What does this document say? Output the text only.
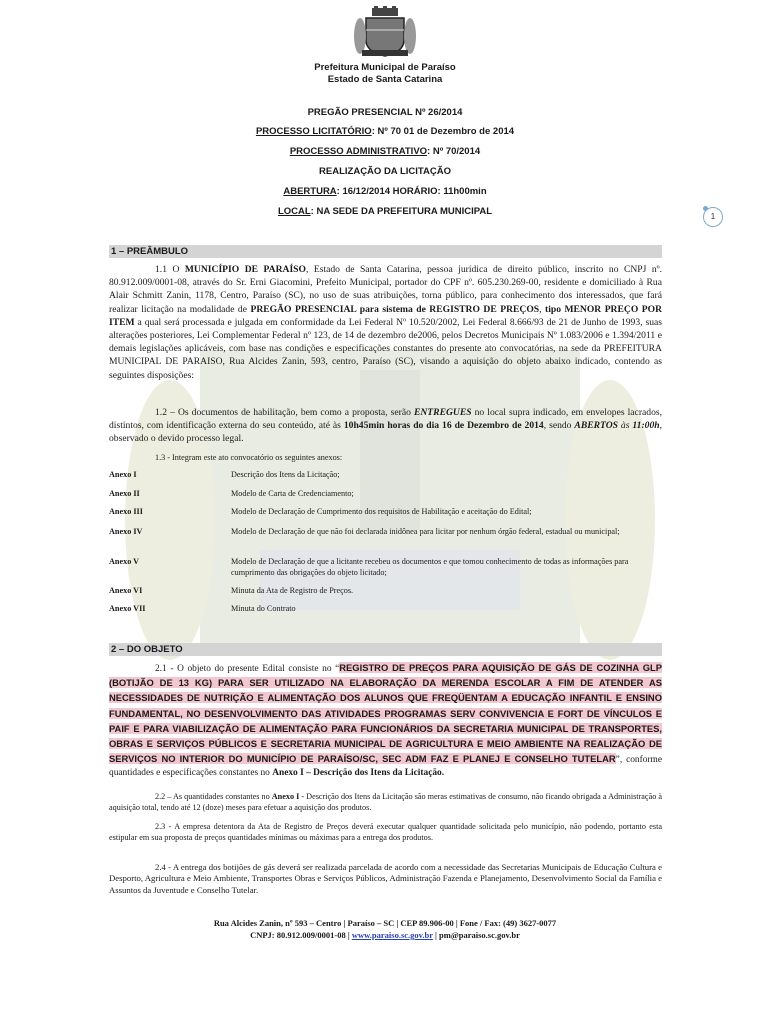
Prefeitura Municipal de Paraíso
Estado de Santa Catarina
PREGÃO PRESENCIAL Nº 26/2014
PROCESSO LICITATÓRIO: Nº 70 01 de Dezembro de 2014
PROCESSO ADMINISTRATIVO: Nº 70/2014
REALIZAÇÃO DA LICITAÇÃO
ABERTURA: 16/12/2014 HORÁRIO: 11h00min
LOCAL: NA SEDE DA PREFEITURA MUNICIPAL	1
1 – PREÂMBULO
1.1 O MUNICÍPIO DE PARAÍSO, Estado de Santa Catarina, pessoa jurídica de direito público, inscrito no CNPJ nº. 80.912.009/0001-08, através do Sr. Erni Giacomini, Prefeito Municipal, portador do CPF nº. 605.230.269-00, residente e domiciliado à Rua Alair Schmitt Zanin, 1178, Centro, Paraíso (SC), no uso de suas atribuições, torna público, para conhecimento dos interessados, que fará realizar licitação na modalidade de PREGÃO PRESENCIAL para sistema de REGISTRO DE PREÇOS, tipo MENOR PREÇO POR ITEM a qual será processada e julgada em conformidade da Lei Federal Nº 10.520/2002, Lei Federal 8.666/93 de 21 de Junho de 1993, suas alterações posteriores, Lei Complementar Federal nº 123, de 14 de dezembro de2006, pelos Decretos Municipais Nº 1.083/2006 e 1.394/2011 e demais legislações aplicáveis, com base nas condições e especificações constantes do presente ato convocatórias, na sede da PREFEITURA MUNICIPAL DE PARAISO, Rua Alcides Zanin, 593, centro, Paraíso (SC), visando a aquisição do objeto abaixo indicado, contendo as seguintes disposições:
1.2 – Os documentos de habilitação, bem como a proposta, serão ENTREGUES no local supra indicado, em envelopes lacrados, distintos, com identificação externa do seu conteúdo, até às 10h45min horas do dia 16 de Dezembro de 2014, sendo ABERTOS às 11:00h, observado o devido processo legal.
1.3 - Integram este ato convocatório os seguintes anexos:
Anexo I	Descrição dos Itens da Licitação;
Anexo II	Modelo de Carta de Credenciamento;
Anexo III	Modelo de Declaração de Cumprimento dos requisitos de Habilitação e aceitação do Edital;
Anexo IV	Modelo de Declaração de que não foi declarada inidônea para licitar por nenhum órgão federal, estadual ou municipal;
Anexo V	Modelo de Declaração de que a licitante recebeu os documentos e que tomou conhecimento de todas as informações para cumprimento das obrigações do objeto licitado;
Anexo VI	Minuta da Ata de Registro de Preços.
Anexo VII	Minuta do Contrato
2 – DO OBJETO
2.1 - O objeto do presente Edital consiste no “REGISTRO DE PREÇOS PARA AQUISIÇÃO DE GÁS DE COZINHA GLP (BOTIJÃO DE 13 KG) PARA SER UTILIZADO NA ELABORAÇÃO DA MERENDA ESCOLAR A FIM DE ATENDER AS NECESSIDADES DE NUTRIÇÃO E ALIMENTAÇÃO DOS ALUNOS QUE FREQÜENTAM A EDUCAÇÃO INFANTIL E ENSINO FUNDAMENTAL, NO DESENVOLVIMENTO DAS ATIVIDADES PROGRAMAS SERV CONVIVENCIA E FORT DE VÍNCULOS E PAIF E PARA VIABILIZAÇÃO DE ALIMENTAÇÃO PARA FUNCIONÁRIOS DA SECRETARIA MUNICIPAL DE TRANSPORTES, OBRAS E SERVIÇOS PÚBLICOS E SECRETARIA MUNICIPAL DE AGRICULTURA E MEIO AMBIENTE NA REALIZAÇÃO DE SERVIÇOS NO INTERIOR DO MUNICÍPIO DE PARAÍSO/SC, SEC ADM FAZ E PLANEJ E CONSELHO TUTELAR”, conforme quantidades e especificações constantes no Anexo I – Descrição dos Itens da Licitação.
2.2 – As quantidades constantes no Anexo I - Descrição dos Itens da Licitação são meras estimativas de consumo, não ficando obrigada a Administração à aquisição total, tendo até 12 (doze) meses para efetuar a aquisição dos produtos.
2.3 - A empresa detentora da Ata de Registro de Preços deverá executar qualquer quantidade solicitada pelo município, não podendo, portanto esta estipular em sua proposta de preços quantidades mínimas ou máximas para a entrega dos produtos.
2.4 - A entrega dos botijões de gás deverá ser realizada parcelada de acordo com a necessidade das Secretarias Municipais de Educação Cultura e Desporto, Agricultura e Meio Ambiente, Transportes Obras e Serviços Públicos, Administração Fazenda e Planejamento, Desenvolvimento Social da Família e Assuntos da Juventude e Conselho Tutelar.
Rua Alcides Zanin, nº 593 – Centro | Paraíso – SC | CEP 89.906-00 | Fone / Fax: (49) 3627-0077
CNPJ: 80.912.009/0001-08 | www.paraiso.sc.gov.br | pm@paraiso.sc.gov.br
